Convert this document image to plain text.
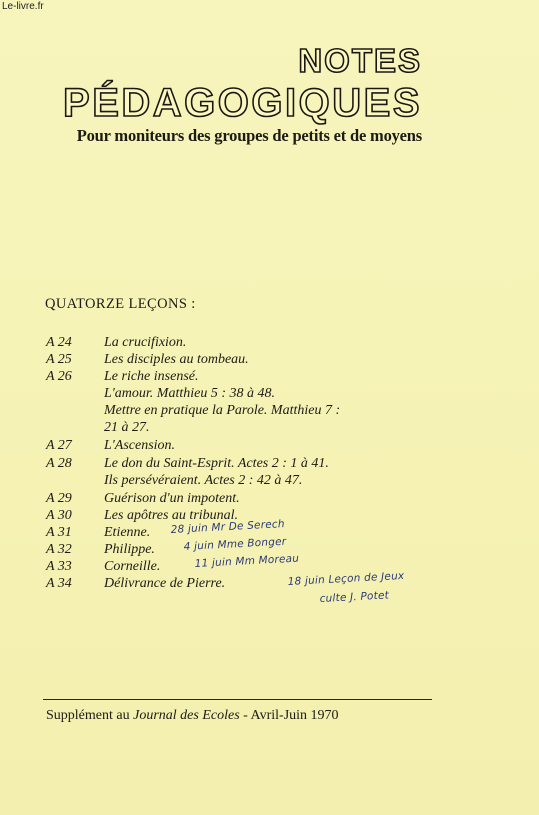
Le-livre.fr
NOTES
PÉDAGOGIQUES
Pour moniteurs des groupes de petits et de moyens
QUATORZE LEÇONS :
A 24 La crucifixion.
A 25 Les disciples au tombeau.
A 26 Le riche insensé.
L'amour. Matthieu 5 : 38 à 48.
Mettre en pratique la Parole. Matthieu 7 :
21 à 27.
A 27 L'Ascension.
A 28 Le don du Saint-Esprit. Actes 2 : 1 à 41.
Ils persévéraient. Actes 2 : 42 à 47.
A 29 Guérison d'un impotent.
A 30 Les apôtres au tribunal.
A 31 Etienne.
A 32 Philippe.
A 33 Corneille.
A 34 Délivrance de Pierre.
28 juin Mr De Serech
4 juin Mme Bonger
11 juin Mm Moreau
18 juin Leçon de Jeux
culte J. Potet
Supplément au Journal des Ecoles - Avril-Juin 1970
